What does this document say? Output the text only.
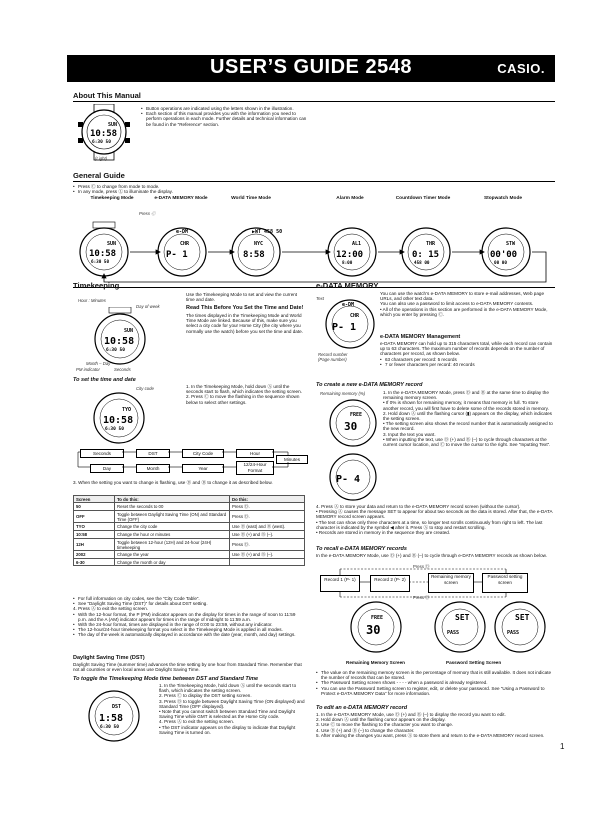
USER’S GUIDE 2548	CASIO.
About This Manual
SUN
10:58
6:30 50
(Light)
• Button operations are indicated using the letters shown in the illustration.
• Each section of this manual provides you with the information you need to perform operations in each mode. Further details and technical information can be found in the “Reference” section.
General Guide
• Press Ⓒ to change from mode to mode.
• In any mode, press Ⓛ to illuminate the display.
Timekeeping Mode	e-DATA MEMORY Mode	World Time Mode	Alarm Mode	Countdown Timer Mode	Stopwatch Mode
Press Ⓒ
SUN
10:58
6:30 50
e-DM
CHR
P- 1
▶WT 458 50
NYC
8:58
AL1
12:00
8:00
THR
0: 15
458 00
STW
00'00
00 00
Timekeeping
Use the Timekeeping Mode to set and view the current time and date.
Hour : Minutes
Day of week
SUN
10:58
6:30 50
Month – Day
PM indicator	Seconds
Read This Before You Set the Time and Date!
The times displayed in the Timekeeping Mode and World Time Mode are linked. Because of this, make sure you select a city code for your Home City (the city where you normally use the watch) before you set the time and date.
To set the time and date
City code
TYO
10:58
6:30 50

1. In the Timekeeping Mode, hold down Ⓐ until the seconds start to flash, which indicates the setting screen.

2. Press Ⓒ to move the flashing in the sequence shown below to select other settings.

Seconds	DST	City Code	Hour
Minutes
Day	Month	Year
12/24-Hour Format
3. When the setting you want to change is flashing, use Ⓓ and Ⓑ to change it as described below.
Screen	To do this:	Do this:
50	Reset the seconds to 00	Press Ⓓ.
OFF	Toggle between Daylight Saving Time (ON) and Standard Time (OFF)	Press Ⓓ.
TYO	Change the city code	Use Ⓓ (east) and Ⓑ (west).
10:58	Change the hour or minutes	Use Ⓓ (+) and Ⓑ (–).
12H	Toggle between 12-hour (12H) and 24-hour (24H) timekeeping	Press Ⓓ.
2002	Change the year	Use Ⓓ (+) and Ⓑ (–).
6-30	Change the month or day	
• For full information on city codes, see the “City Code Table”.
• See “Daylight Saving Time (DST)” for details about DST setting.

4. Press Ⓐ to exit the setting screen.

• With the 12-hour format, the P (PM) indicator appears on the display for times in the range of noon to 11:59 p.m. and the A (AM) indicator appears for times in the range of midnight to 11:59 a.m.
• With the 24-hour format, times are displayed in the range of 0:00 to 23:59, without any indicator.
• The 12-hour/24-hour timekeeping format you select in the Timekeeping Mode is applied in all modes.
• The day of the week is automatically displayed in accordance with the date (year, month, and day) settings.
Daylight Saving Time (DST)
Daylight Saving Time (summer time) advances the time setting by one hour from Standard Time. Remember that not all countries or even local areas use Daylight Saving Time.
To toggle the Timekeeping Mode time between DST and Standard Time
DST
1:58
6:30 50

1. In the Timekeeping Mode, hold down Ⓐ until the seconds start to flash, which indicates the setting screen.

2. Press Ⓒ to display the DST setting screen.

3. Press Ⓓ to toggle between Daylight Saving Time (ON displayed) and Standard Time (OFF displayed).

• Note that you cannot switch between Standard Time and Daylight Saving Time while GMT is selected as the Home City code.

4. Press Ⓐ to exit the setting screen.

• The DST indicator appears on the display to indicate that Daylight Saving Time is turned on.

e-DATA MEMORY
Text
e-DM
CHR
P- 1
Record number (Page number)

You can use the watch’s e-DATA MEMORY to store e-mail addresses, Web page URLs, and other text data.

You can also use a password to limit access to e-DATA MEMORY contents.

• All of the operations in this section are performed in the e-DATA MEMORY Mode, which you enter by pressing Ⓒ.

e-DATA MEMORY Management

e-DATA MEMORY can hold up to 315 characters total, while each record can contain up to 63 characters. The maximum number of records depends on the number of characters per record, as shown below.

• 63 characters per record: 5 records
• 7 or fewer characters per record: 40 records
To create a new e-DATA MEMORY record
Remaining memory (%)
FREE
30
P- 4

1. In the e-DATA MEMORY Mode, press Ⓓ and Ⓑ at the same time to display the remaining memory screen.

• If 0% is shown for remaining memory, it means that memory is full. To store another record, you will first have to delete some of the records stored in memory.

2. Hold down Ⓐ until the flashing cursor (▮) appears on the display, which indicates the setting screen.

• The setting screen also shows the record number that is automatically assigned to the new record.

3. Input the text you want.

• When inputting the text, use Ⓓ (+) and Ⓑ (–) to cycle through characters at the current cursor location, and Ⓒ to move the cursor to the right. See “Inputting Text”.

4. Press Ⓐ to store your data and return to the e-DATA MEMORY record screen (without the cursor).

• Pressing Ⓐ causes the message SET to appear for about two seconds as the data is stored. After that, the e-DATA MEMORY record screen appears.

• The text can show only three characters at a time, so longer text scrolls continuously from right to left. The last character is indicated by the symbol ◀ after it. Press Ⓐ to stop and restart scrolling.

• Records are stored in memory in the sequence they are created.

To recall e-DATA MEMORY records
In the e-DATA MEMORY Mode, use Ⓓ (+) and Ⓑ (–) to cycle through e-DATA MEMORY records as shown below.
Press Ⓓ
Record 1 (P- 1)	Record 2 (P- 2)
Remaining memory screen
Password setting screen
Press Ⓓ
FREE
30
SET
PASS
SET
PASS
Remaining Memory Screen	Password Setting Screen
• The value on the remaining memory screen is the percentage of memory that is still available. It does not indicate the number of records that can be stored.
• The Password Setting screen shows - - - - when a password is already registered.
• You can use the Password Setting screen to register, edit, or delete your password. See “Using a Password to Protect e-DATA MEMORY Data” for more information.
To edit an e-DATA MEMORY record

1. In the e-DATA MEMORY Mode, use Ⓓ (+) and Ⓑ (–) to display the record you want to edit.

2. Hold down Ⓐ until the flashing cursor appears on the display.

3. Use Ⓒ to move the flashing to the character you want to change.

4. Use Ⓓ (+) and Ⓑ (–) to change the character.

5. After making the changes you want, press Ⓐ to store them and return to the e-DATA MEMORY record screen.

1
